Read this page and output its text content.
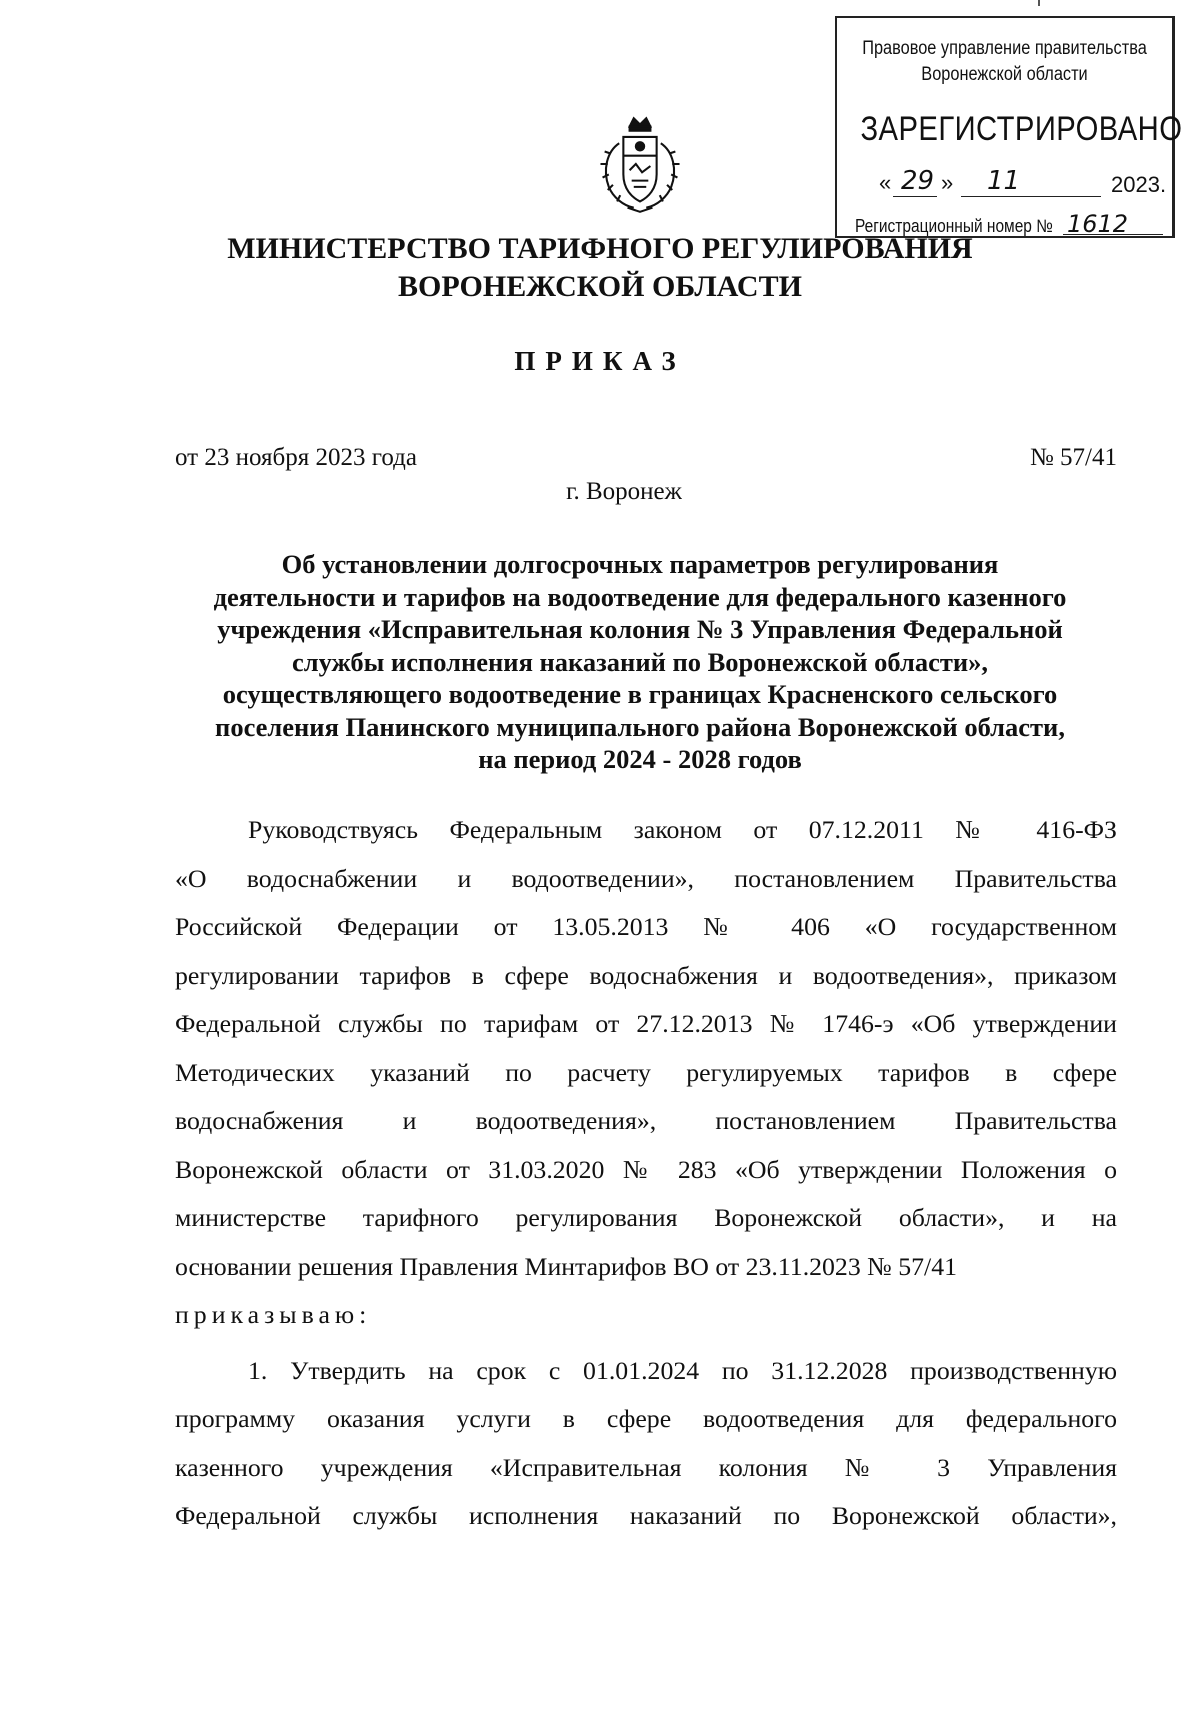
Правовое управление правительства
Воронежской области
ЗАРЕГИСТРИРОВАНО
« 29 » 11	2023.
Регистрационный номер № 1612
МИНИСТЕРСТВО ТАРИФНОГО РЕГУЛИРОВАНИЯ
ВОРОНЕЖСКОЙ ОБЛАСТИ
ПРИКАЗ
от 23 ноября 2023 года	№ 57/41
г. Воронеж
Об установлении долгосрочных параметров регулирования
деятельности и тарифов на водоотведение для федерального казенного
учреждения «Исправительная колония № 3 Управления Федеральной
службы исполнения наказаний по Воронежской области»,
осуществляющего водоотведение в границах Красненского сельского
поселения Панинского муниципального района Воронежской области,
на период 2024 - 2028 годов
Руководствуясь Федеральным законом от 07.12.2011 № 416-ФЗ
«О водоснабжении и водоотведении», постановлением Правительства
Российской Федерации от 13.05.2013 № 406 «О государственном
регулировании тарифов в сфере водоснабжения и водоотведения», приказом
Федеральной службы по тарифам от 27.12.2013 № 1746-э «Об утверждении
Методических указаний по расчету регулируемых тарифов в сфере
водоснабжения и водоотведения», постановлением Правительства
Воронежской области от 31.03.2020 № 283 «Об утверждении Положения о
министерстве тарифного регулирования Воронежской области», и на
основании решения Правления Минтарифов ВО от 23.11.2023 № 57/41
приказываю:
1. Утвердить на срок с 01.01.2024 по 31.12.2028 производственную
программу оказания услуги в сфере водоотведения для федерального
казенного учреждения «Исправительная колония № 3 Управления
Федеральной службы исполнения наказаний по Воронежской области»,
